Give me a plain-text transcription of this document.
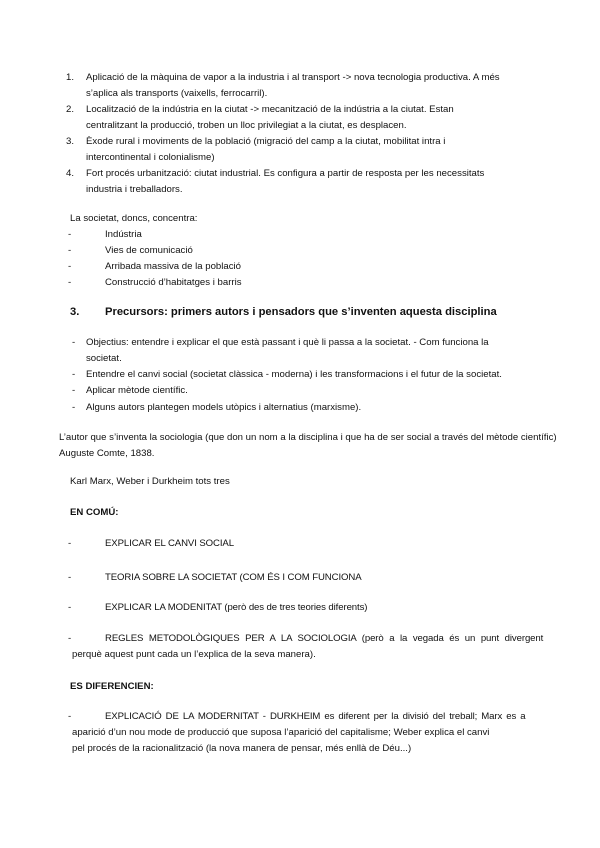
1. Aplicació de la màquina de vapor a la industria i al transport -> nova tecnologia productiva. A més
s’aplica als transports (vaixells, ferrocarril).
2. Localització de la indústria en la ciutat -> mecanització de la indústria a la ciutat. Estan
centralitzant la producció, troben un lloc privilegiat a la ciutat, es desplacen.
3. Èxode rural i moviments de la població (migració del camp a la ciutat, mobilitat intra i
intercontinental i colonialisme)
4. Fort procés urbanització: ciutat industrial. Es configura a partir de resposta per les necessitats
industria i treballadors.
La societat, doncs, concentra:
-	Indústria
-	Vies de comunicació
-	Arribada massiva de la població
-	Construcció d’habitatges i barris
3. Precursors: primers autors i pensadors que s’inventen aquesta disciplina
- Objectius: entendre i explicar el que està passant i què li passa a la societat. - Com funciona la
societat.
- Entendre el canvi social (societat clàssica - moderna) i les transformacions i el futur de la societat.
- Aplicar mètode científic.
- Alguns autors plantegen models utòpics i alternatius (marxisme).
L’autor que s’inventa la sociologia (que don un nom a la disciplina i que ha de ser social a través del mètode científic)
Auguste Comte, 1838.
Karl Marx, Weber i Durkheim tots tres
EN COMÚ:
-	EXPLICAR EL CANVI SOCIAL
-	TEORIA SOBRE LA SOCIETAT (COM ÉS I COM FUNCIONA
-	EXPLICAR LA MODENITAT (però des de tres teories diferents)
-	REGLES METODOLÒGIQUES PER A LA SOCIOLOGIA (però a la vegada és un punt divergent
perquè aquest punt cada un l’explica de la seva manera).
ES DIFERENCIEN:
-	EXPLICACIÓ DE LA MODERNITAT - DURKHEIM es diferent per la divisió del treball; Marx es a
aparició d’un nou mode de producció que suposa l’aparició del capitalisme; Weber explica el canvi
pel procés de la racionalització (la nova manera de pensar, més enllà de Déu...)
